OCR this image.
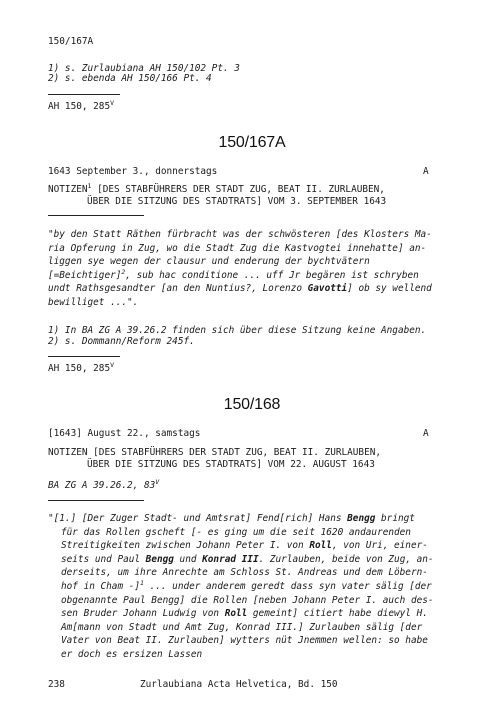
150/167A
1) s. Zurlaubiana AH 150/102 Pt. 3
2) s. ebenda AH 150/166 Pt. 4
AH 150, $285^V$
150/167A
1643 September 3., donnerstags	A
NOTIZEN$^1$ [DES STABFÜHRERS DER STADT ZUG, BEAT II. ZURLAUBEN,
ÜBER DIE SITZUNG DES STADTRATS] VOM 3. SEPTEMBER 1643
"by den Statt Räthen fürbracht was der schwösteren [des Klosters Ma-
ria Opferung in Zug, wo die Stadt Zug die Kastvogtei innehatte] an-
liggen sye wegen der clausur und enderung der bychtvätern
[=Beichtiger]$^2$, sub hac conditione ... uff Jr begären ist schryben
undt Rathsgesandter [an den Nuntius?, Lorenzo Gavotti] ob sy wellend
bewilliget ...".
1) In BA ZG A 39.26.2 finden sich über diese Sitzung keine Angaben.
2) s. Dommann/Reform 245f.
AH 150, $285^V$
150/168
[1643] August 22., samstags	A
NOTIZEN [DES STABFÜHRERS DER STADT ZUG, BEAT II. ZURLAUBEN,
ÜBER DIE SITZUNG DES STADTRATS] VOM 22. AUGUST 1643
BA ZG A 39.26.2, $83^V$
"[1.] [Der Zuger Stadt- und Amtsrat] Fend[rich] Hans Bengg bringt
für das Rollen gscheft [- es ging um die seit 1620 andaurenden
Streitigkeiten zwischen Johann Peter I. von Roll, von Uri, einer-
seits und Paul Bengg und Konrad III. Zurlauben, beide von Zug, an-
derseits, um ihre Anrechte am Schloss St. Andreas und dem Löbern-
hof in Cham -]$^1$ ... under anderem geredt dass syn vater sälig [der
obgenannte Paul Bengg] die Rollen [neben Johann Peter I. auch des-
sen Bruder Johann Ludwig von Roll gemeint] citiert habe diewyl H.
Am[mann von Stadt und Amt Zug, Konrad III.] Zurlauben sälig [der
Vater von Beat II. Zurlauben] wytters nüt Jnemmen wellen: so habe
er doch es ersizen Lassen
238	Zurlaubiana Acta Helvetica, Bd. 150
